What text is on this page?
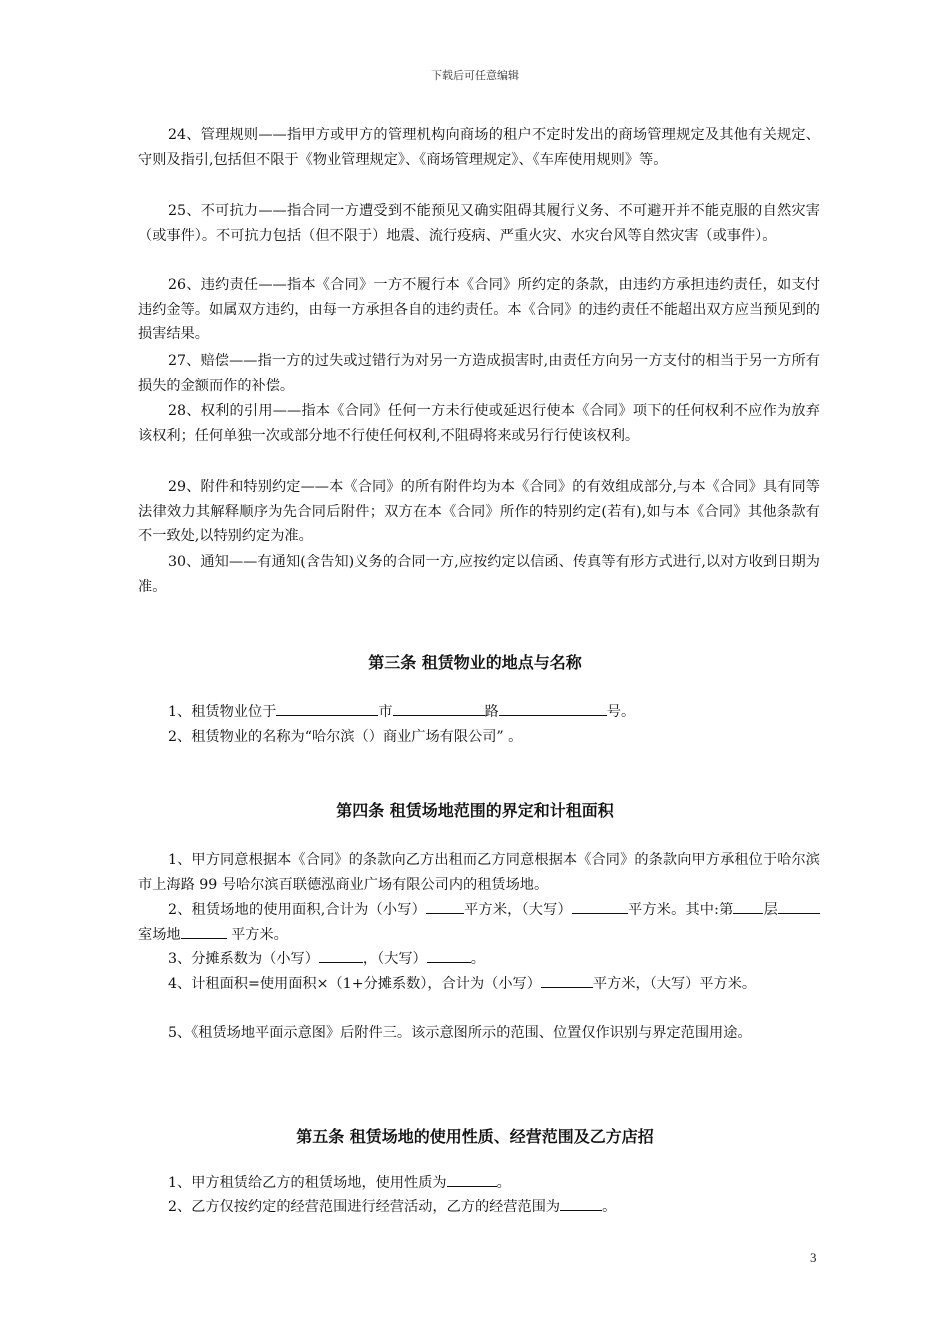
下载后可任意编辑
24、管理规则——指甲方或甲方的管理机构向商场的租户不定时发出的商场管理规定及其他有关规定、守则及指引,包括但不限于《物业管理规定》、《商场管理规定》、《车库使用规则》等。
25、不可抗力——指合同一方遭受到不能预见又确实阻碍其履行义务、不可避开并不能克服的自然灾害（或事件）。不可抗力包括（但不限于）地震、流行疫病、严重火灾、水灾台风等自然灾害（或事件）。
26、违约责任——指本《合同》一方不履行本《合同》所约定的条款，由违约方承担违约责任，如支付违约金等。如属双方违约，由每一方承担各自的违约责任。本《合同》的违约责任不能超出双方应当预见到的损害结果。
27、赔偿——指一方的过失或过错行为对另一方造成损害时,由责任方向另一方支付的相当于另一方所有损失的金额而作的补偿。
28、权利的引用——指本《合同》任何一方未行使或延迟行使本《合同》项下的任何权利不应作为放弃该权利；任何单独一次或部分地不行使任何权利,不阻碍将来或另行行使该权利。
29、附件和特别约定——本《合同》的所有附件均为本《合同》的有效组成部分,与本《合同》具有同等法律效力其解释顺序为先合同后附件；双方在本《合同》所作的特别约定(若有),如与本《合同》其他条款有不一致处,以特别约定为准。
30、通知——有通知(含告知)义务的合同一方,应按约定以信函、传真等有形方式进行,以对方收到日期为准。
第三条 租赁物业的地点与名称
1、租赁物业位于	市	路	号。
2、租赁物业的名称为“哈尔滨（）商业广场有限公司” 。
第四条 租赁场地范围的界定和计租面积
1、甲方同意根据本《合同》的条款向乙方出租而乙方同意根据本《合同》的条款向甲方承租位于哈尔滨市上海路 99 号哈尔滨百联德泓商业广场有限公司内的租赁场地。
2、租赁场地的使用面积,合计为（小写）	平方米，（大写）	平方米。其中:第 层室场地	平方米。
3、分摊系数为（小写）	，（大写）	。
4、计租面积=使用面积×（1+分摊系数），合计为（小写）	平方米，（大写）平方米。
5、《租赁场地平面示意图》后附件三。该示意图所示的范围、位置仅作识别与界定范围用途。
第五条 租赁场地的使用性质、经营范围及乙方店招
1、甲方租赁给乙方的租赁场地，使用性质为	。
2、乙方仅按约定的经营范围进行经营活动，乙方的经营范围为	。
3
